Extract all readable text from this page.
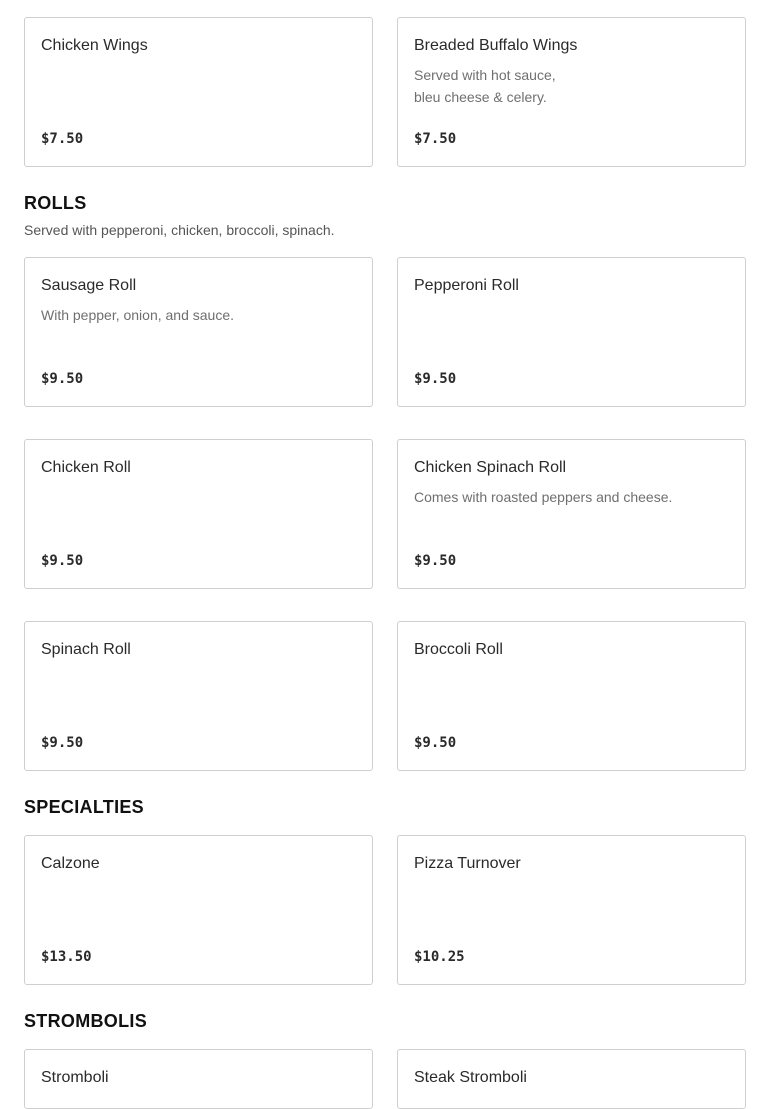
Chicken Wings
$7.50
Breaded Buffalo Wings
Served with hot sauce,
bleu cheese & celery.
$7.50
ROLLS
Served with pepperoni, chicken, broccoli, spinach.
Sausage Roll
With pepper, onion, and sauce.
$9.50
Pepperoni Roll
$9.50
Chicken Roll
$9.50
Chicken Spinach Roll
Comes with roasted peppers and cheese.
$9.50
Spinach Roll
$9.50
Broccoli Roll
$9.50
SPECIALTIES
Calzone
$13.50
Pizza Turnover
$10.25
STROMBOLIS
Stromboli	Steak Stromboli
